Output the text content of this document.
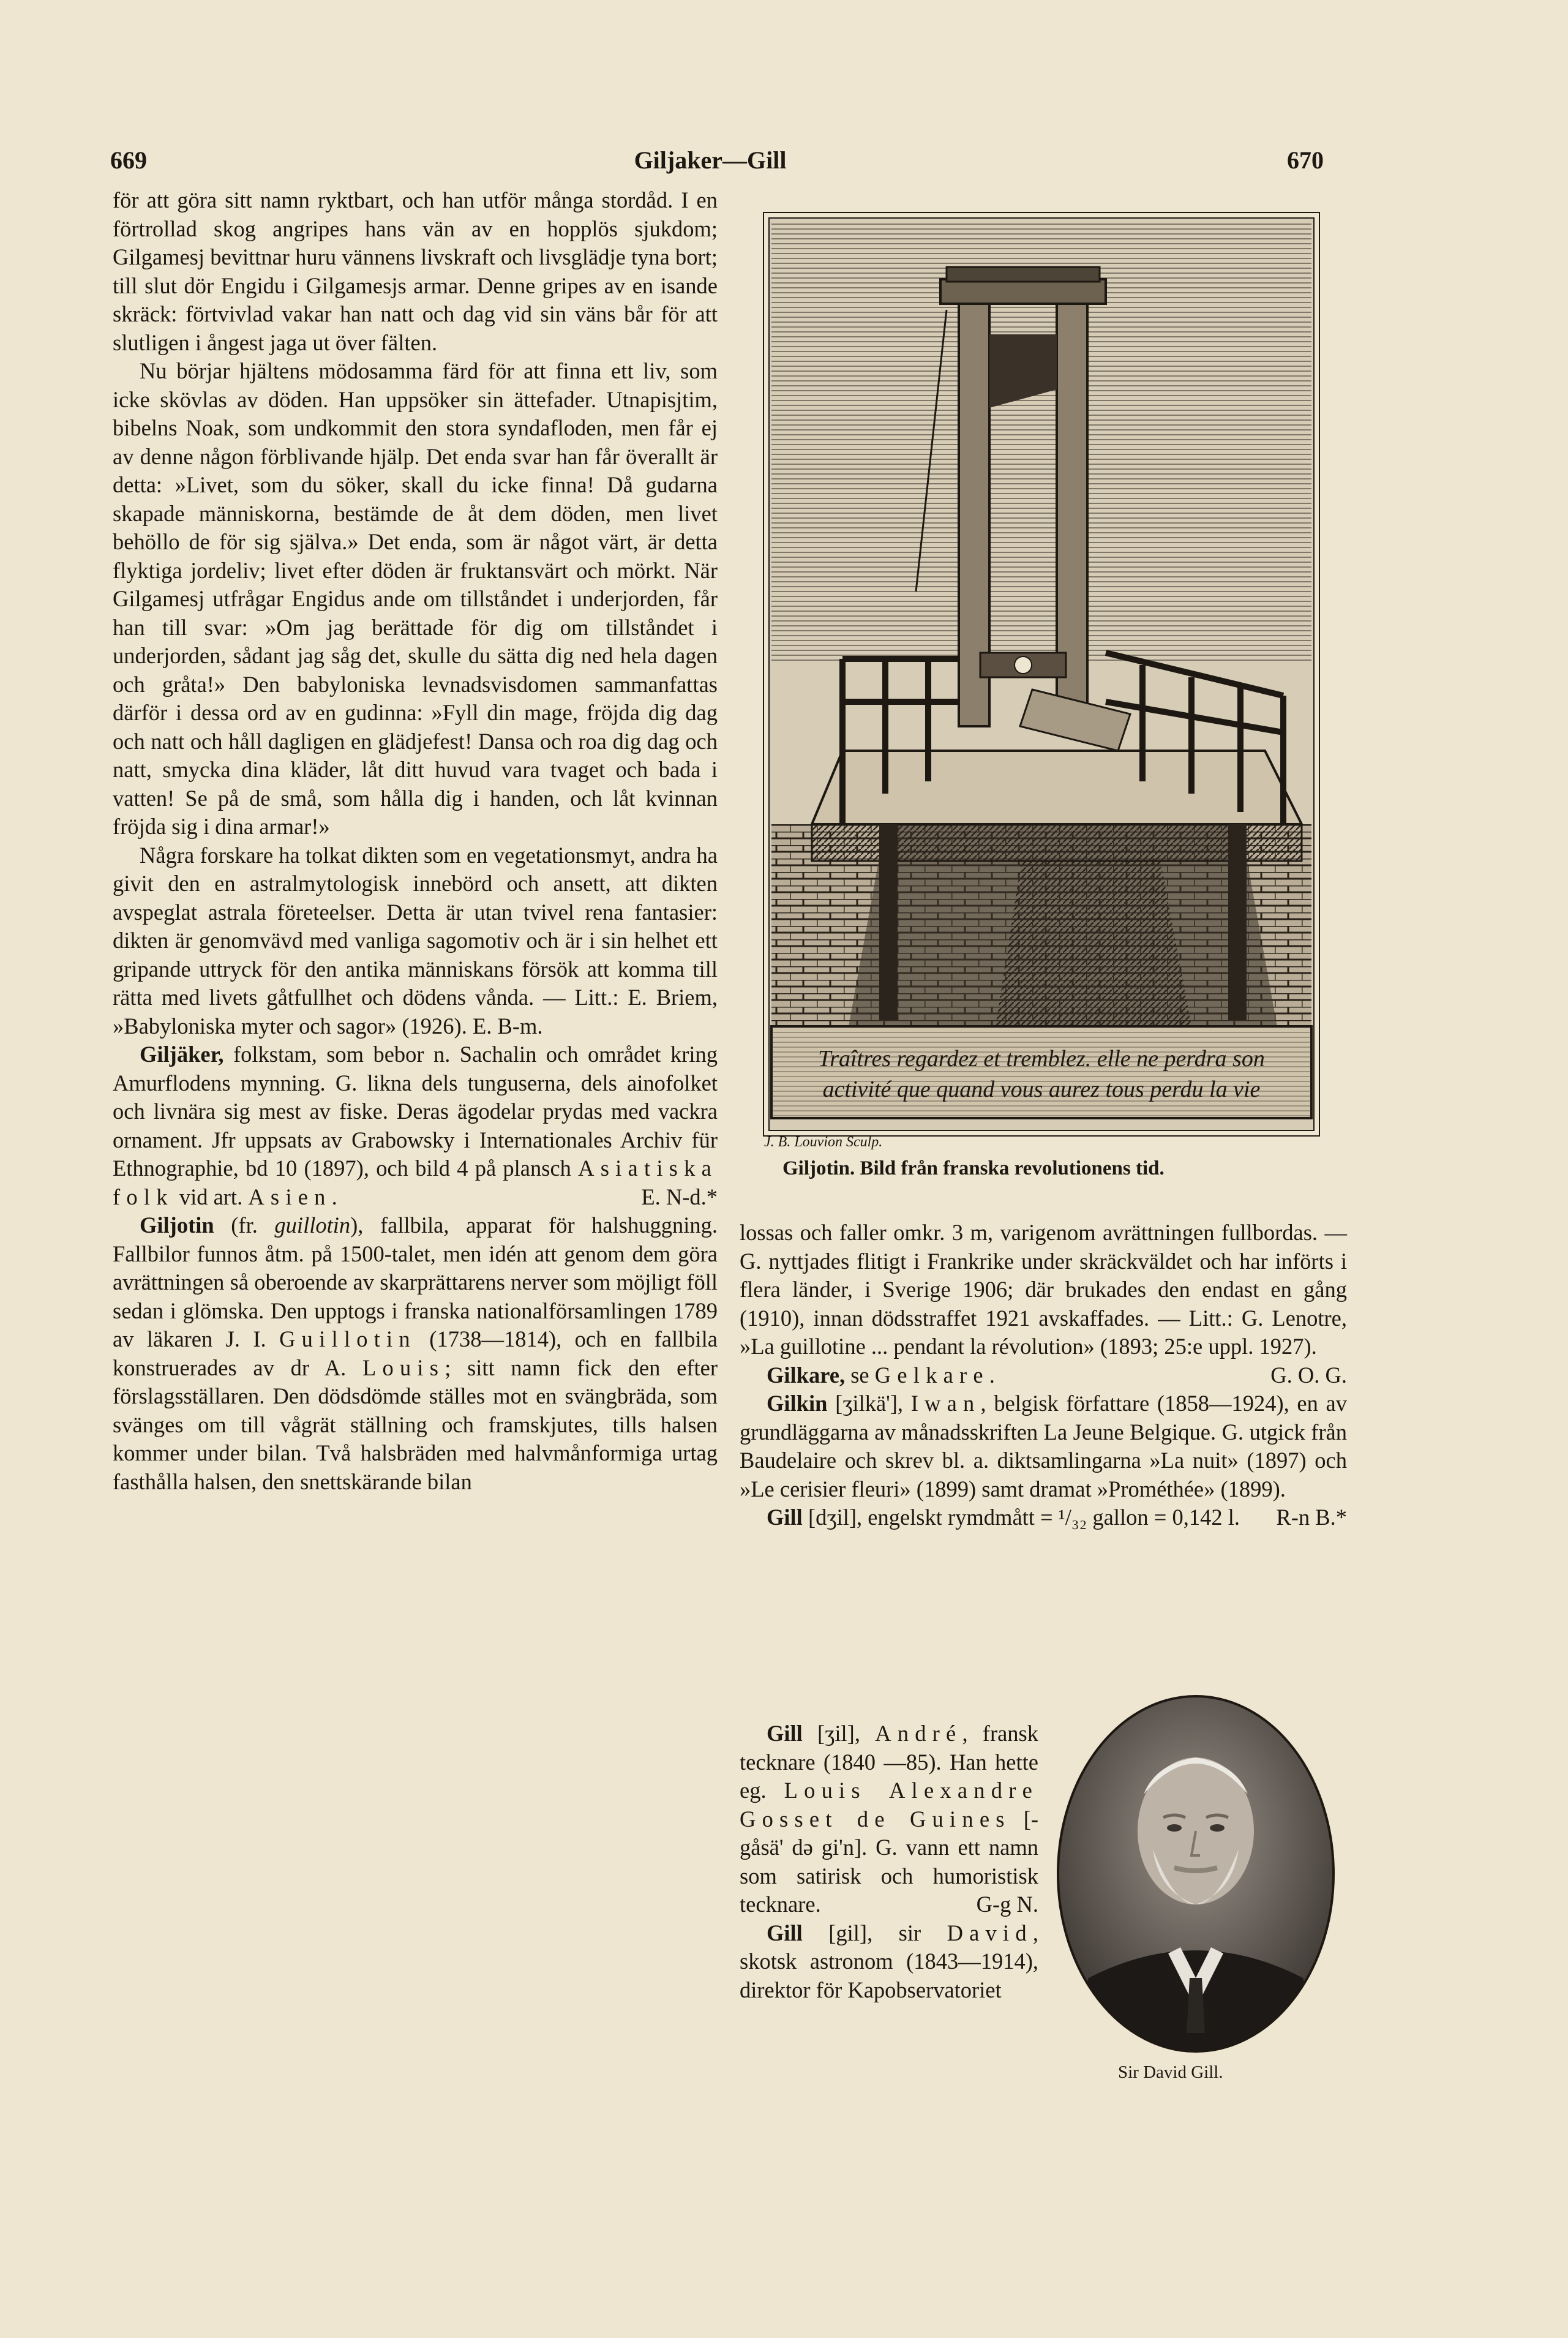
669	Giljaker—Gill	670

för att göra sitt namn ryktbart, och han utför många stordåd. I en förtrollad skog angripes hans vän av en hopplös sjukdom; Gilgamesj bevittnar huru vännens livskraft och livsglädje tyna bort; till slut dör Engidu i Gilgamesjs armar. Denne gripes av en isande skräck: förtvivlad vakar han natt och dag vid sin väns bår för att slutligen i ångest jaga ut över fälten.

Nu börjar hjältens mödosamma färd för att finna ett liv, som icke skövlas av döden. Han uppsöker sin ättefader. Utnapisjtim, bibelns Noak, som undkommit den stora syndafloden, men får ej av denne någon förblivande hjälp. Det enda svar han får överallt är detta: »Livet, som du söker, skall du icke finna! Då gudarna skapade människorna, bestämde de åt dem döden, men livet behöllo de för sig själva.» Det enda, som är något värt, är detta flyktiga jordeliv; livet efter döden är fruktansvärt och mörkt. När Gilgamesj utfrågar Engidus ande om tillståndet i underjorden, får han till svar: »Om jag berättade för dig om tillståndet i underjorden, sådant jag såg det, skulle du sätta dig ned hela dagen och gråta!» Den babyloniska levnadsvisdomen sammanfattas därför i dessa ord av en gudinna: »Fyll din mage, fröjda dig dag och natt och håll dagligen en glädjefest! Dansa och roa dig dag och natt, smycka dina kläder, låt ditt huvud vara tvaget och bada i vatten! Se på de små, som hålla dig i handen, och låt kvinnan fröjda sig i dina armar!»

Några forskare ha tolkat dikten som en vegetationsmyt, andra ha givit den en astralmytologisk innebörd och ansett, att dikten avspeglat astrala företeelser. Detta är utan tvivel rena fantasier: dikten är genomvävd med vanliga sagomotiv och är i sin helhet ett gripande uttryck för den antika människans försök att komma till rätta med livets gåtfullhet och dödens vånda. — Litt.: E. Briem, »Babyloniska myter och sagor» (1926). E. B-m.

Giljäker, folkstam, som bebor n. Sachalin och området kring Amurflodens mynning. G. likna dels tunguserna, dels ainofolket och livnära sig mest av fiske. Deras ägodelar prydas med vackra ornament. Jfr uppsats av Grabowsky i Internationales Archiv für Ethnographie, bd 10 (1897), och bild 4 på plansch Asiatiska folk vid art. Asien.	E. N-d.*

Giljotin (fr. guillotin), fallbila, apparat för halshuggning. Fallbilor funnos åtm. på 1500-talet, men idén att genom dem göra avrättningen så oberoende av skarprättarens nerver som möjligt föll sedan i glömska. Den upptogs i franska nationalförsamlingen 1789 av läkaren J. I. Guillotin (1738—1814), och en fallbila konstruerades av dr A. Louis; sitt namn fick den efter förslagsställaren. Den dödsdömde ställes mot en svängbräda, som svänges om till vågrät ställning och framskjutes, tills halsen kommer under bilan. Två halsbräden med halvmånformiga urtag fasthålla halsen, den snettskärande bilan

Traîtres regardez et tremblez. elle ne perdra son
activité que quand vous aurez tous perdu la vie
J. B. Louvion Sculp.
Giljotin. Bild från franska revolutionens tid.

lossas och faller omkr. 3 m, varigenom avrättningen fullbordas. — G. nyttjades flitigt i Frankrike under skräckväldet och har införts i flera länder, i Sverige 1906; där brukades den endast en gång (1910), innan dödsstraffet 1921 avskaffades. — Litt.: G. Lenotre, »La guillotine ... pendant la révolution» (1893; 25:e uppl. 1927).
G. O. G.

Gilkare, se Gelkare.

Gilkin [ʒilkä'], Iwan, belgisk författare (1858—1924), en av grundläggarna av månadsskriften La Jeune Belgique. G. utgick från Baudelaire och skrev bl. a. diktsamlingarna »La nuit» (1897) och »Le cerisier fleuri» (1899) samt dramat »Prométhée» (1899).
R-n B.*

Gill [dʒil], engelskt rymdmått = ¹/₃₂ gallon = 0,142 l.

Gill [ʒil], André, fransk tecknare (1840 —85). Han hette eg. Louis Alexandre Gosset de Guines [-gåsä' də gi'n]. G. vann ett namn som satirisk och humoristisk tecknare.	G-g N.

Gill [gil], sir David, skotsk astronom (1843—1914), direktor för Kapobservatoriet

Sir David Gill.
